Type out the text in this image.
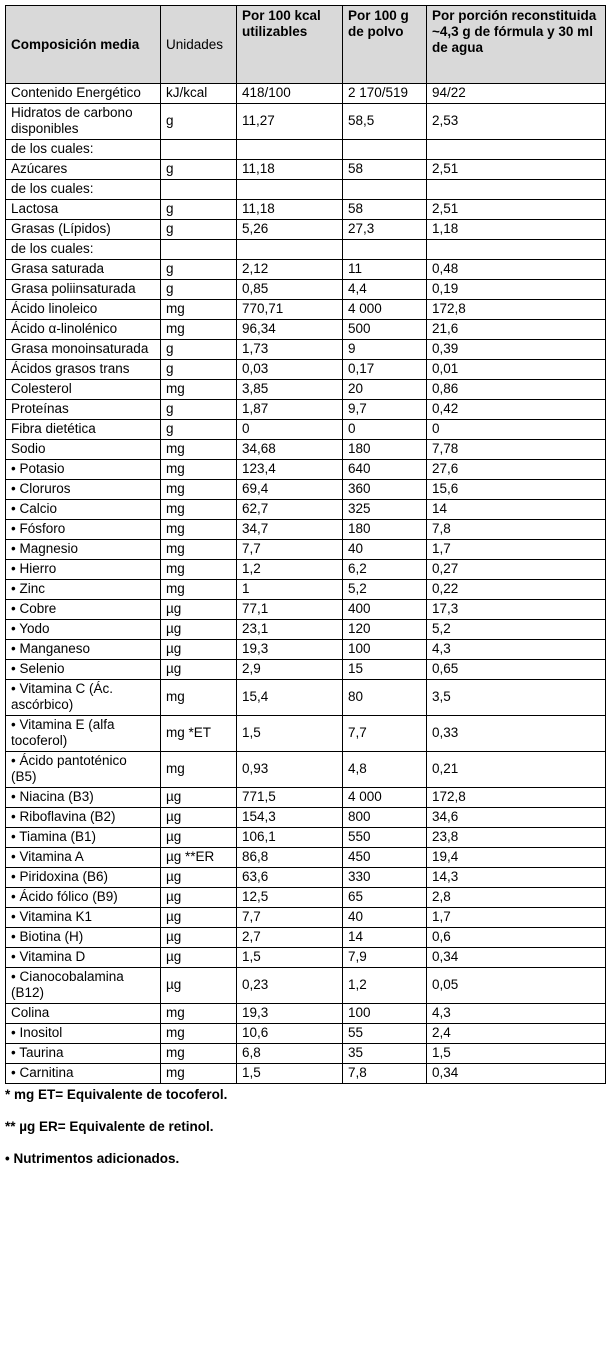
Composición media	Unidades	Por 100 kcal utilizables	Por 100 g de polvo	Por porción reconstituida ~4,3 g de fórmula y 30 ml de agua
Contenido Energético	kJ/kcal	418/100	2 170/519	94/22
Hidratos de carbono disponibles	g	11,27	58,5	2,53
de los cuales:				
Azúcares	g	11,18	58	2,51
de los cuales:				
Lactosa	g	11,18	58	2,51
Grasas (Lípidos)	g	5,26	27,3	1,18
de los cuales:				
Grasa saturada	g	2,12	11	0,48
Grasa poliinsaturada	g	0,85	4,4	0,19
Ácido linoleico	mg	770,71	4 000	172,8
Ácido α-linolénico	mg	96,34	500	21,6
Grasa monoinsaturada	g	1,73	9	0,39
Ácidos grasos trans	g	0,03	0,17	0,01
Colesterol	mg	3,85	20	0,86
Proteínas	g	1,87	9,7	0,42
Fibra dietética	g	0	0	0
Sodio	mg	34,68	180	7,78
• Potasio	mg	123,4	640	27,6
• Cloruros	mg	69,4	360	15,6
• Calcio	mg	62,7	325	14
• Fósforo	mg	34,7	180	7,8
• Magnesio	mg	7,7	40	1,7
• Hierro	mg	1,2	6,2	0,27
• Zinc	mg	1	5,2	0,22
• Cobre	µg	77,1	400	17,3
• Yodo	µg	23,1	120	5,2
• Manganeso	µg	19,3	100	4,3
• Selenio	µg	2,9	15	0,65
• Vitamina C (Ác. ascórbico)	mg	15,4	80	3,5
• Vitamina E (alfa tocoferol)	mg *ET	1,5	7,7	0,33
• Ácido pantoténico (B5)	mg	0,93	4,8	0,21
• Niacina (B3)	µg	771,5	4 000	172,8
• Riboflavina (B2)	µg	154,3	800	34,6
• Tiamina (B1)	µg	106,1	550	23,8
• Vitamina A	µg **ER	86,8	450	19,4
• Piridoxina (B6)	µg	63,6	330	14,3
• Ácido fólico (B9)	µg	12,5	65	2,8
• Vitamina K1	µg	7,7	40	1,7
• Biotina (H)	µg	2,7	14	0,6
• Vitamina D	µg	1,5	7,9	0,34
• Cianocobalamina (B12)	µg	0,23	1,2	0,05
Colina	mg	19,3	100	4,3
• Inositol	mg	10,6	55	2,4
• Taurina	mg	6,8	35	1,5
• Carnitina	mg	1,5	7,8	0,34

* mg ET= Equivalente de tocoferol.

** µg ER= Equivalente de retinol.

• Nutrimentos adicionados.
